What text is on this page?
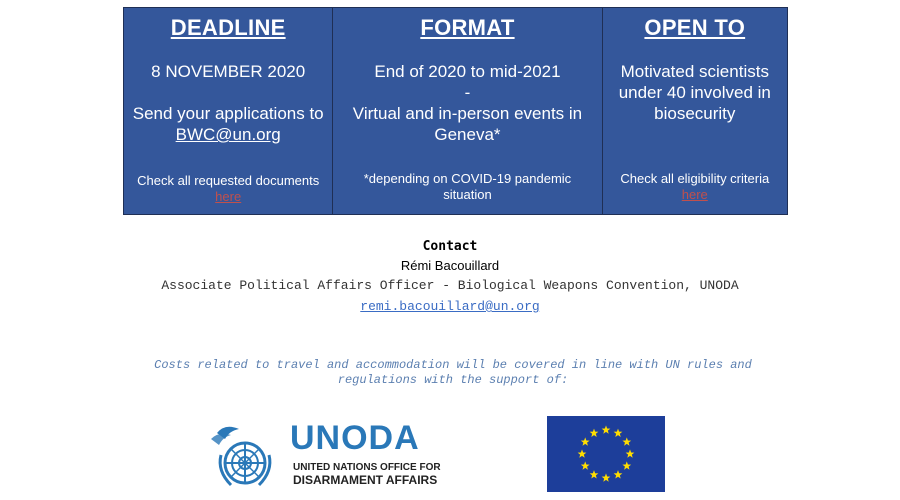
DEADLINE
8 NOVEMBER 2020
Send your applications to BWC@un.org
Check all requested documents here
FORMAT
End of 2020 to mid-2021
-
Virtual and in-person events in Geneva*
*depending on COVID-19 pandemic situation
OPEN TO
Motivated scientists under 40 involved in biosecurity
Check all eligibility criteria
here
Contact
Rémi Bacouillard
Associate Political Affairs Officer - Biological Weapons Convention, UNODA
remi.bacouillard@un.org
Costs related to travel and accommodation will be covered in line with UN rules and regulations with the support of:
UNODA
UNITED NATIONS OFFICE FOR
DISARMAMENT AFFAIRS
